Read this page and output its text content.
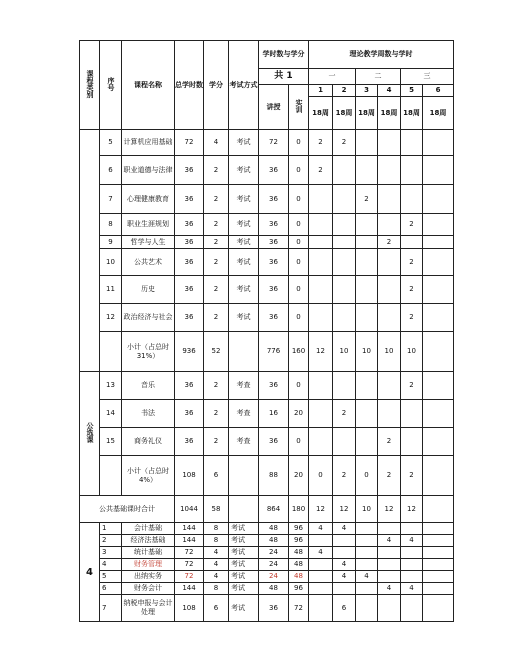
课程类别	序号	课程名称	总学时数	学分	考试方式	学时数与学分		理论教学周数与学时					
						共 1		一		二		三	
						讲授	实训	1	2	3	4	5	6
								18周	18周	18周	18周	18周	18周
	5	计算机应用基础	72	4	考试	72	0	2	2				
	6	职业道德与法律	36	2	考试	36	0	2					
	7	心理健康教育	36	2	考试	36	0			2			
	8	职业生涯规划	36	2	考试	36	0					2	
	9	哲学与人生	36	2	考试	36	0				2		
	10	公共艺术	36	2	考试	36	0					2	
	11	历史	36	2	考试	36	0					2	
	12	政治经济与社会	36	2	考试	36	0					2	
		小计（占总时31%）	936	52		776	160	12	10	10	10	10	
公选课	13	音乐	36	2	考查	36	0					2	
	14	书法	36	2	考查	16	20		2				
	15	商务礼仪	36	2	考查	36	0				2		
		小计（占总时4%）	108	6		88	20	0	2	0	2	2	
公共基础课时合计			1044	58		864	180	12	12	10	12	12	
4	1	会计基础	144	8	考试	48	96	4	4				
	2	经济法基础	144	8	考试	48	96				4	4	
	3	统计基础	72	4	考试	24	48	4					
	4	财务管理	72	4	考试	24	48		4				
	5	出纳实务	72	4	考试	24	48		4	4			
	6	财务会计	144	8	考试	48	96				4	4	
	7	纳税申报与会计处理	108	6	考试	36	72		6				
